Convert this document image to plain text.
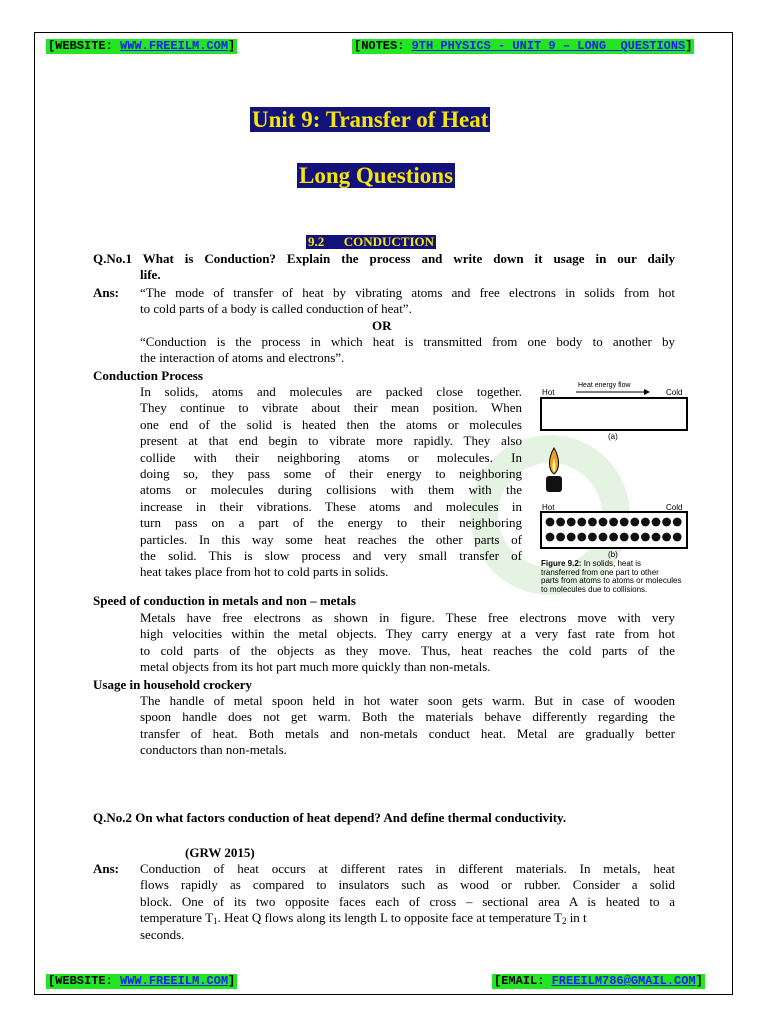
[WEBSITE: WWW.FREEILM.COM]	[NOTES: 9TH PHYSICS - UNIT 9 – LONG  QUESTIONS]
Unit 9: Transfer of Heat
Long Questions
9.2      CONDUCTION
Q.No.1 What is Conduction? Explain the process and write down it usage in our daily
life.
Ans: “The mode of transfer of heat by vibrating atoms and free electrons in solids from hot
to cold parts of a body is called conduction of heat”.
OR
“Conduction is the process in which heat is transmitted from one body to another by
the interaction of atoms and electrons”.
Conduction Process
In solids, atoms and molecules are packed close together.
They continue to vibrate about their mean position. When
one end of the solid is heated then the atoms or molecules
present at that end begin to vibrate more rapidly. They also
collide with their neighboring atoms or molecules. In
doing so, they pass some of their energy to neighboring
atoms or molecules during collisions with them with the
increase in their vibrations. These atoms and molecules in
turn pass on a part of the energy to their neighboring
particles. In this way some heat reaches the other parts of
the solid. This is slow process and very small transfer of
heat takes place from hot to cold parts in solids.
Hot	Cold
Heat energy flow
(a)
Hot	Cold
(b)
Figure 9.2: In solids, heat is
transferred from one part to other
parts from atoms to atoms or molecules
to molecules due to collisions.
Speed of conduction in metals and non – metals
Metals have free electrons as shown in figure. These free electrons move with very
high velocities within the metal objects. They carry energy at a very fast rate from hot
to cold parts of the objects as they move. Thus, heat reaches the cold parts of the
metal objects from its hot part much more quickly than non-metals.
Usage in household crockery
The handle of metal spoon held in hot water soon gets warm. But in case of wooden
spoon handle does not get warm. Both the materials behave differently regarding the
transfer of heat. Both metals and non-metals conduct heat. Metal are gradually better
conductors than non-metals.
Q.No.2 On what factors conduction of heat depend? And define thermal conductivity.
(GRW 2015)
Ans: Conduction of heat occurs at different rates in different materials. In metals, heat
flows rapidly as compared to insulators such as wood or rubber. Consider a solid
block. One of its two opposite faces each of cross – sectional area A is heated to a
temperature $T_1$. Heat Q flows along its length L to opposite face at temperature $T_2$ in t
seconds.
[WEBSITE: WWW.FREEILM.COM]	[EMAIL: FREEILM786@GMAIL.COM]
